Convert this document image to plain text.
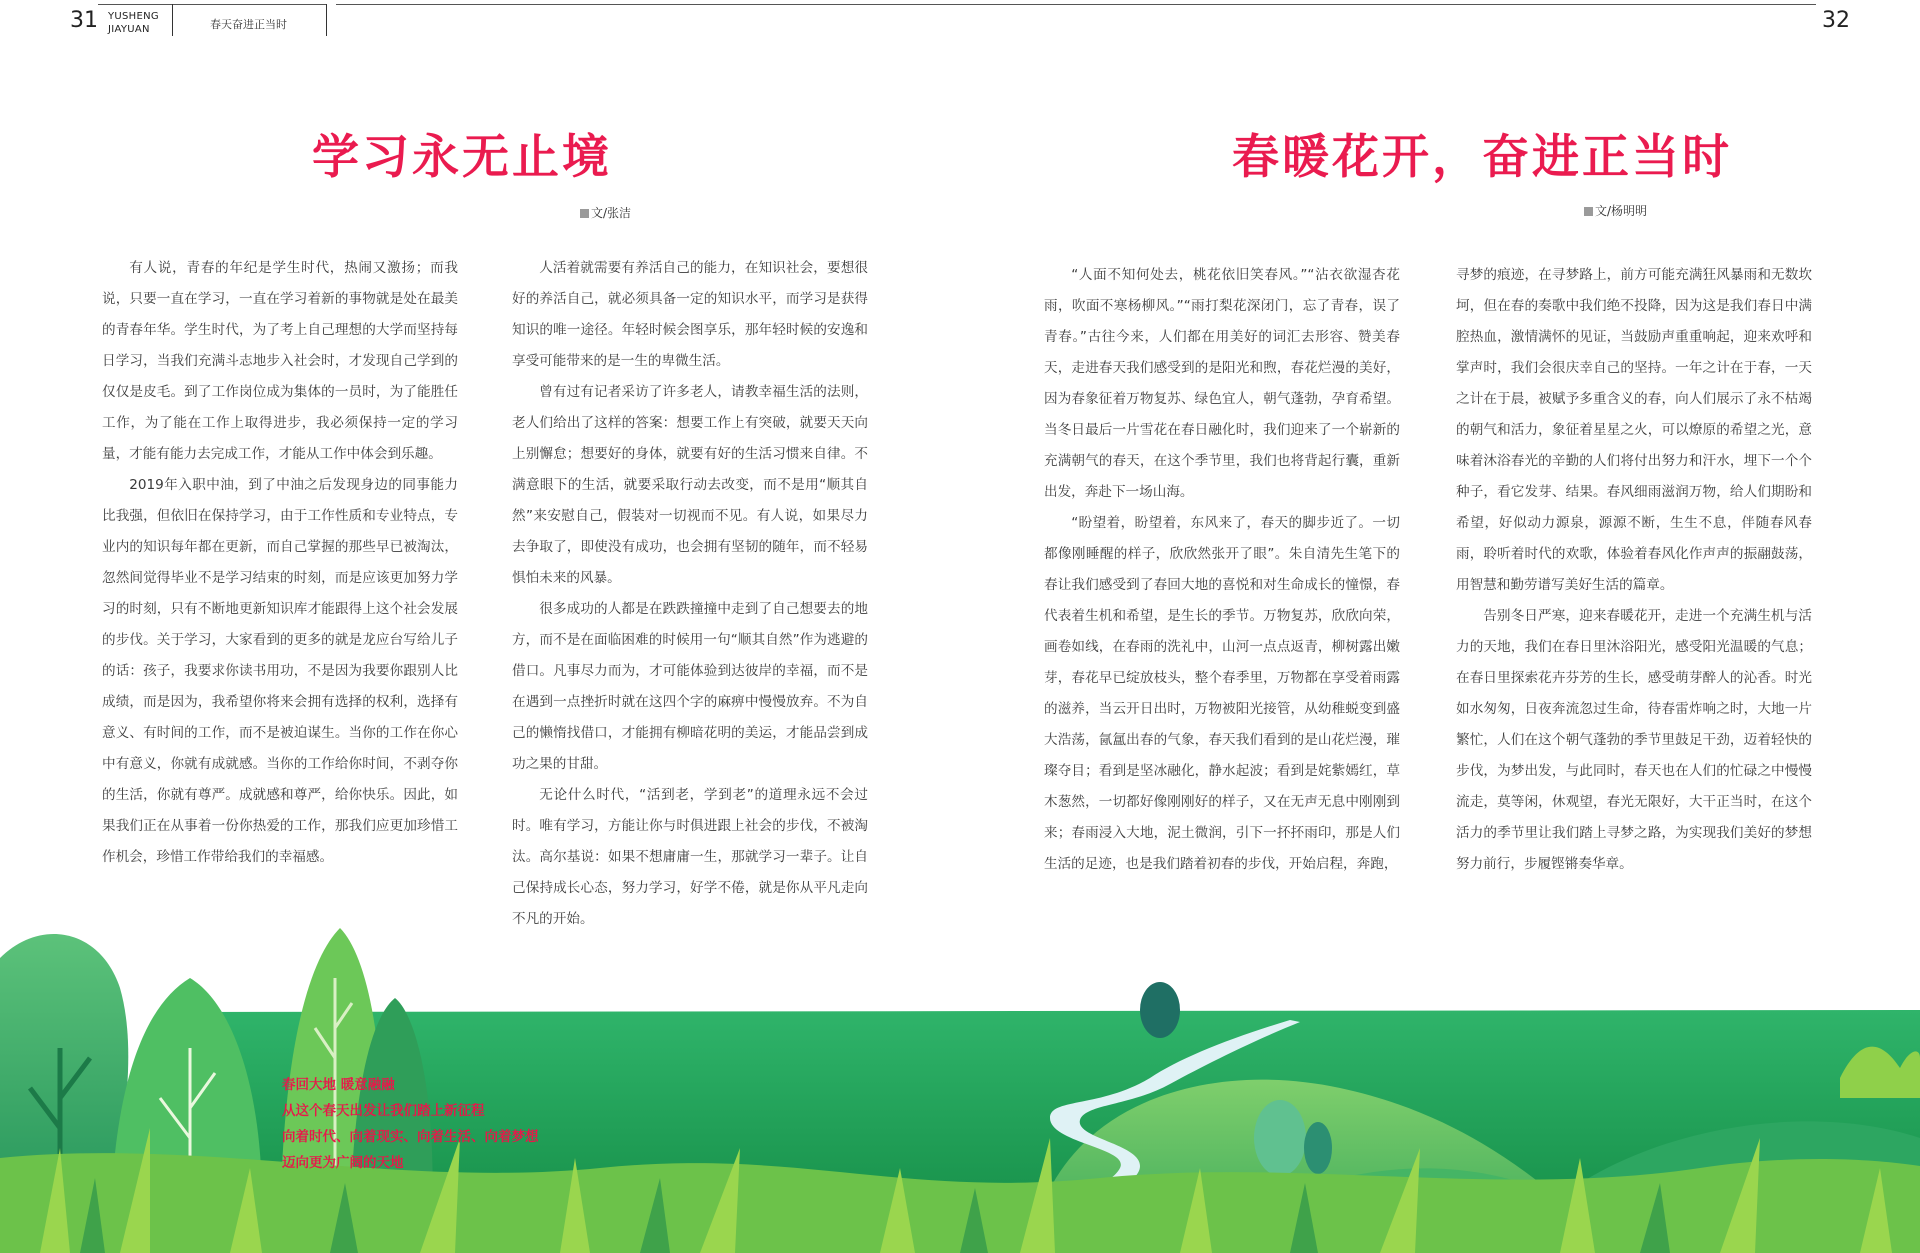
31 YUSHENG
JIAYUAN	春天奋进正当时	32
学习永无止境
文/张洁

有人说，青春的年纪是学生时代，热闹又激扬；而我说，只要一直在学习，一直在学习着新的事物就是处在最美的青春年华。学生时代，为了考上自己理想的大学而坚持每日学习，当我们充满斗志地步入社会时，才发现自己学到的仅仅是皮毛。到了工作岗位成为集体的一员时，为了能胜任工作，为了能在工作上取得进步，我必须保持一定的学习量，才能有能力去完成工作，才能从工作中体会到乐趣。

2019年入职中油，到了中油之后发现身边的同事能力比我强，但依旧在保持学习，由于工作性质和专业特点，专业内的知识每年都在更新，而自己掌握的那些早已被淘汰，忽然间觉得毕业不是学习结束的时刻，而是应该更加努力学习的时刻，只有不断地更新知识库才能跟得上这个社会发展的步伐。关于学习，大家看到的更多的就是龙应台写给儿子的话：孩子，我要求你读书用功，不是因为我要你跟别人比成绩，而是因为，我希望你将来会拥有选择的权利，选择有意义、有时间的工作，而不是被迫谋生。当你的工作在你心中有意义，你就有成就感。当你的工作给你时间，不剥夺你的生活，你就有尊严。成就感和尊严，给你快乐。因此，如果我们正在从事着一份你热爱的工作，那我们应更加珍惜工作机会，珍惜工作带给我们的幸福感。

人活着就需要有养活自己的能力，在知识社会，要想很好的养活自己，就必须具备一定的知识水平，而学习是获得知识的唯一途径。年轻时候会图享乐，那年轻时候的安逸和享受可能带来的是一生的卑微生活。

曾有过有记者采访了许多老人，请教幸福生活的法则，老人们给出了这样的答案：想要工作上有突破，就要天天向上别懈怠；想要好的身体，就要有好的生活习惯来自律。不满意眼下的生活，就要采取行动去改变，而不是用“顺其自然”来安慰自己，假装对一切视而不见。有人说，如果尽力去争取了，即使没有成功，也会拥有坚韧的随年，而不轻易惧怕未来的风暴。

很多成功的人都是在跌跌撞撞中走到了自己想要去的地方，而不是在面临困难的时候用一句“顺其自然”作为逃避的借口。凡事尽力而为，才可能体验到达彼岸的幸福，而不是在遇到一点挫折时就在这四个字的麻痹中慢慢放弃。不为自己的懒惰找借口，才能拥有柳暗花明的美运，才能品尝到成功之果的甘甜。

无论什么时代，“活到老，学到老”的道理永远不会过时。唯有学习，方能让你与时俱进跟上社会的步伐，不被淘汰。高尔基说：如果不想庸庸一生，那就学习一辈子。让自己保持成长心态，努力学习，好学不倦，就是你从平凡走向不凡的开始。

春暖花开，奋进正当时
文/杨明明

“人面不知何处去，桃花依旧笑春风。”“沾衣欲湿杏花雨，吹面不寒杨柳风。”“雨打梨花深闭门，忘了青春，误了青春。”古往今来，人们都在用美好的词汇去形容、赞美春天，走进春天我们感受到的是阳光和煦，春花烂漫的美好，因为春象征着万物复苏、绿色宜人，朝气蓬勃，孕育希望。当冬日最后一片雪花在春日融化时，我们迎来了一个崭新的充满朝气的春天，在这个季节里，我们也将背起行囊，重新出发，奔赴下一场山海。

“盼望着，盼望着，东风来了，春天的脚步近了。一切都像刚睡醒的样子，欣欣然张开了眼”。朱自清先生笔下的春让我们感受到了春回大地的喜悦和对生命成长的憧憬，春代表着生机和希望，是生长的季节。万物复苏，欣欣向荣，画卷如线，在春雨的洗礼中，山河一点点返青，柳树露出嫩芽，春花早已绽放枝头，整个春季里，万物都在享受着雨露的滋养，当云开日出时，万物被阳光接管，从幼稚蜕变到盛大浩荡，氤氲出春的气象，春天我们看到的是山花烂漫，璀璨夺目；看到是坚冰融化，静水起波；看到是姹紫嫣红，草木葱然，一切都好像刚刚好的样子，又在无声无息中刚刚到来；春雨浸入大地，泥土微润，引下一抔抔雨印，那是人们生活的足迹，也是我们踏着初春的步伐，开始启程，奔跑，

寻梦的痕迹，在寻梦路上，前方可能充满狂风暴雨和无数坎坷，但在春的奏歌中我们绝不投降，因为这是我们春日中满腔热血，激情满怀的见证，当鼓励声重重响起，迎来欢呼和掌声时，我们会很庆幸自己的坚持。一年之计在于春，一天之计在于晨，被赋予多重含义的春，向人们展示了永不枯竭的朝气和活力，象征着星星之火，可以燎原的希望之光，意味着沐浴春光的辛勤的人们将付出努力和汗水，埋下一个个种子，看它发芽、结果。春风细雨滋润万物，给人们期盼和希望，好似动力源泉，源源不断，生生不息，伴随春风春雨，聆听着时代的欢歌，体验着春风化作声声的振翮鼓荡，用智慧和勤劳谱写美好生活的篇章。

告别冬日严寒，迎来春暖花开，走进一个充满生机与活力的天地，我们在春日里沐浴阳光，感受阳光温暖的气息；在春日里探索花卉芬芳的生长，感受萌芽醉人的沁香。时光如水匆匆，日夜奔流忽过生命，待春雷炸响之时，大地一片繁忙，人们在这个朝气蓬勃的季节里鼓足干劲，迈着轻快的步伐，为梦出发，与此同时，春天也在人们的忙碌之中慢慢流走，莫等闲，休观望，春光无限好，大干正当时，在这个活力的季节里让我们踏上寻梦之路，为实现我们美好的梦想努力前行，步履铿锵奏华章。

春回大地 暖意融融
从这个春天出发让我们踏上新征程
向着时代、向着现实、向着生活、向着梦想
迈向更为广阔的天地
